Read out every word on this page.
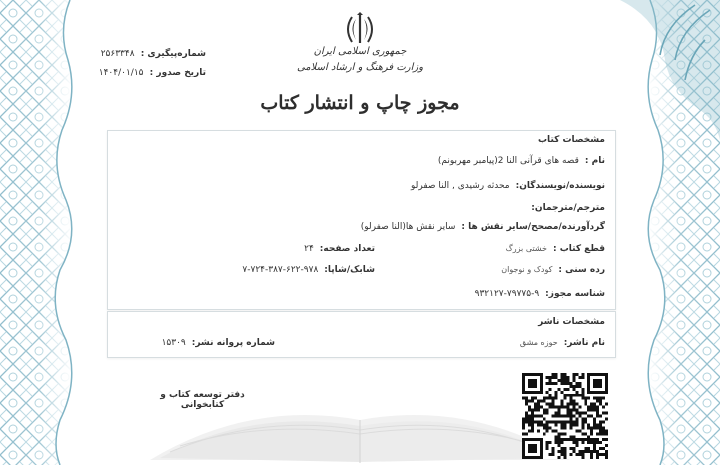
جمهوری اسلامی ایران
وزارت فرهنگ و ارشاد اسلامی
شماره‌پیگیری : ۲۵۶۳۳۴۸
تاریخ صدور : ۱۴۰۴/۰۱/۱۵
مجوز چاپ و انتشار کتاب
مشخصات کتاب
نام :قصه های قرآنی النا 2(پیامبر مهربونم)
نویسنده/نویسندگان:محدثه رشیدی , النا صفرلو
مترجم/مترجمان:
گردآورنده/مصحح/سایر نقش ها :سایر نقش ها(النا صفرلو)
قطع کتاب :خشتی بزرگ
تعداد صفحه:۲۴
رده سنی :کودک و نوجوان
شابک/شاپا:۹۷۸-۶۲۲-۳۸۷-۷۲۴-۷
شناسه مجوز:۹-۷۹۷۷۵-۹۳۲۱۲۷
مشخصات ناشر
نام ناشر:حوزه مشق
شماره پروانه نشر:۱۵۳۰۹
دفتر توسعه کتاب و کتابخوانی
